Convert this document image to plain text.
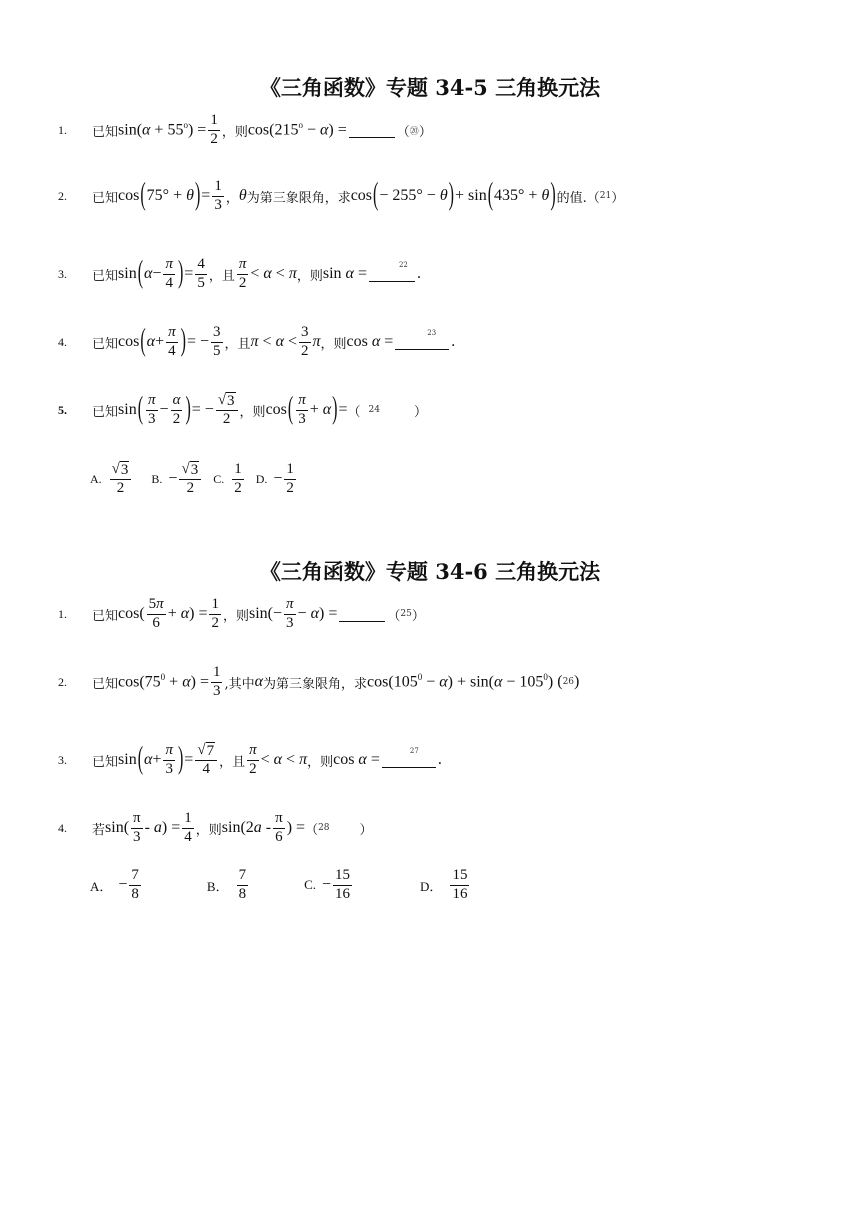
《三角函数》专题 34-5 三角换元法
1.	已知 $\sin(\alpha + 55^o) = \frac{1}{2}$ ，则 $\cos(215^o - \alpha)$ =	（ ⑳ ）
2.	已知 cos ( 75° + θ ) = $\frac{1}{3}$ ， θ 为第三象限角，求 cos ( − 255° − θ ) + sin ( 435° + θ ) 的值. （ 21 ）
3.	已知 sin ( $\alpha - \frac{\pi}{4}$ ) = $\frac{4}{5}$ ，且 $\frac{\pi}{2} < \alpha < \pi$ ，则 sin α =
22
.
4.	已知 cos ( $\alpha + \frac{\pi}{4}$ ) = − $\frac{3}{5}$ ，且 $\pi < \alpha < \frac{3}{2}$ π ，则 cos α =
23
.
5.	已知 sin ( $\frac{\pi}{3} - \frac{\alpha}{2}$ ) = − $\frac{√ 3}{2}$ ，则 cos ( $\frac{\pi}{3} + \alpha$ ) = （ 24	）
A. $\frac{√ 3}{2} B$. − $\frac{√ 3}{2} C$. $\frac{1}{2} D$. − $\frac{1}{2}$
《三角函数》专题 34-6 三角换元法
1.	已知 $\cos( \frac{5\pi}{6} + \alpha) = \frac{1}{2}$ ，则 $\sin(- \frac{\pi}{3} - \alpha)$ =	（ 25 ）
2.	已知 $\cos(75^0 + \alpha) = \frac{1}{3}$ ,其中 α 为第三象限角，求 $\cos(105^0 - \alpha) + \sin(\alpha - 105^0)$ ( 26 )
3.	已知 sin ( $\alpha + \frac{\pi}{3}$ ) = $\frac{√ 7}{4}$ ，且 $\frac{\pi}{2} < \alpha < \pi$ ，则 cos α =
27
.
4.	若 $\sin( \frac{\pi}{3} - a) = \frac{1}{4}$ ，则 $\sin(2a - \frac{\pi}{6}$ ) = （ 28 ）
A． − $\frac{7}{8}$	B． $\frac{7}{8}$	C. − $\frac{15}{16}$	D． $\frac{15}{16}$
